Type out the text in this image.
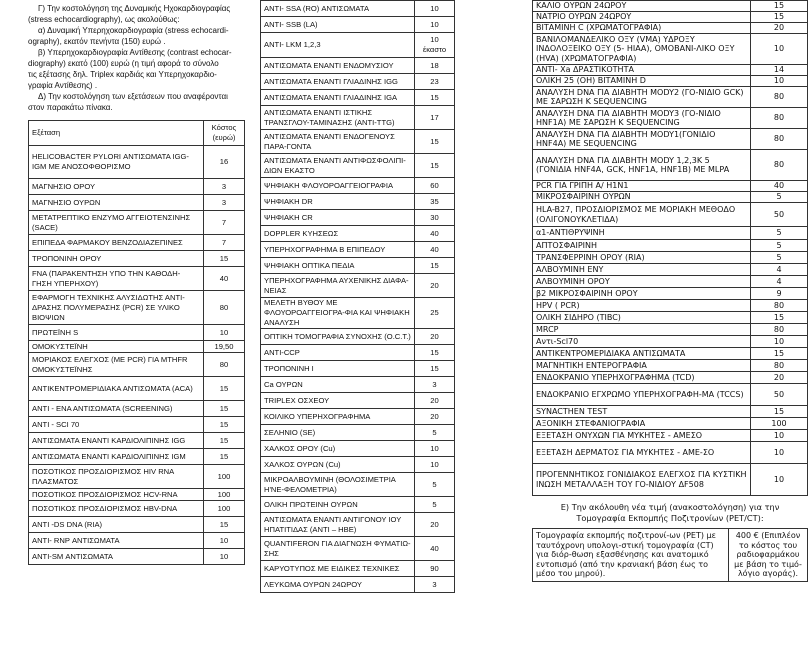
Γ) Την κοστολόγηση της Δυναμικής Ηχοκαρδιογραφίας

(stress echocardiography), ως ακολούθως:

α) Δυναμική Υπερηχοκαρδιογραφία (stress echocardi-

ography), εκατόν πενήντα (150) ευρώ .

β) Υπερηχοκαρδιογραφία Αντίθεσης (contrast echocar-

diography) εκατό (100) ευρώ (η τιμή αφορά το σύνολο

τις εξέτασης δηλ. Triplex καρδιάς και Υπερηχοκαρδιο-

γραφία Αντίθεσης) .

Δ) Την κοστολόγηση των εξετάσεων που αναφέρονται

στον παρακάτω πίνακα.

Εξέταση	Κόστος (ευρώ)
HELICOBACTER PYLORI ΑΝΤΙΣΩΜΑΤΑ IGG-IGM ΜΕ ΑΝΟΣΟΦΘΟΡΙΣΜΟ	16
ΜΑΓΝΗΣΙΟ ΟΡΟΥ	3
ΜΑΓΝΗΣΙΟ ΟΥΡΩΝ	3
ΜΕΤΑΤΡΕΠΤΙΚΟ ΕΝΖΥΜΟ ΑΓΓΕΙΟΤΕΝΣΙΝΗΣ (SACE)	7
ΕΠΙΠΕΔΑ ΦΑΡΜΑΚΟΥ ΒΕΝΖΟΔΙΑΖΕΠΙΝΕΣ	7
ΤΡΟΠΟΝΙΝΗ ΟΡΟΥ	15
FNA (ΠΑΡΑΚΕΝΤΗΣΗ ΥΠΟ ΤΗΝ ΚΑΘΟΔΗ-ΓΗΣΗ ΥΠΕΡΗΧΟΥ)	40
ΕΦΑΡΜΟΓΗ ΤΕΧΝΙΚΗΣ ΑΛΥΣΙΔΩΤΗΣ ΑΝΤΙ-ΔΡΑΣΗΣ ΠΟΛΥΜΕΡΑΣΗΣ (PCR) ΣΕ ΥΛΙΚΟ ΒΙΟΨΙΩΝ	80
ΠΡΩΤΕΪΝΗ S	10
ΟΜΟΚΥΣΤΕΪΝΗ	19,50
ΜΟΡΙΑΚΟΣ ΕΛΕΓΧΟΣ (ΜΕ PCR) ΓΙΑ MTHFR ΟΜΟΚΥΣΤΕΪΝΗΣ	80
ΑΝΤΙΚΕΝΤΡΟΜΕΡΙΔΙΑΚΑ ΑΝΤΙΣΩΜΑΤΑ (ACA)	15
ANTI - ΕΝΑ ΑΝΤΙΣΩΜΑΤΑ (SCREENING)	15
ANTI - SCI 70	15
ΑΝΤΙΣΩΜΑΤΑ ΕΝΑΝΤΙ ΚΑΡΔΙΟΛΙΠΙΝΗΣ IGG	15
ΑΝΤΙΣΩΜΑΤΑ ΕΝΑΝΤΙ ΚΑΡΔΙΟΛΙΠΙΝΗΣ IGM	15
ΠΟΣΟΤΙΚΟΣ ΠΡΟΣΔΙΟΡΙΣΜΟΣ HIV RNA ΠΛΑΣΜΑΤΟΣ	100
ΠΟΣΟΤΙΚΟΣ ΠΡΟΣΔΙΟΡΙΣΜΟΣ HCV-RNA	100
ΠΟΣΟΤΙΚΟΣ ΠΡΟΣΔΙΟΡΙΣΜΟΣ HBV-DNA	100
ANTI -DS DNA (RIA)	15
ANTI- RNP ΑΝΤΙΣΩΜΑΤΑ	10
ANTI-SM ΑΝΤΙΣΩΜΑΤΑ	10
ANTI- SSA (RO) ΑΝΤΙΣΩΜΑΤΑ	10
ANTI- SSB (LA)	10
ANTI- LKM 1,2,3	10 έκαστο
ΑΝΤΙΣΩΜΑΤΑ ΕΝΑΝΤΙ ΕΝΔΟΜΥΣΙΟΥ	18
ΑΝΤΙΣΩΜΑΤΑ ΕΝΑΝΤΙ ΓΛΙΑΔΙΝΗΣ IGG	23
ΑΝΤΙΣΩΜΑΤΑ ΕΝΑΝΤΙ ΓΛΙΑΔΙΝΗΣ IGA	15
ΑΝΤΙΣΩΜΑΤΑ ΕΝΑΝΤΙ ΙΣΤΙΚΗΣ ΤΡΑΝΣΓΛΟΥ-ΤΑΜΙΝΑΣΗΣ (ANTI-TTG)	17
ΑΝΤΙΣΩΜΑΤΑ ΕΝΑΝΤΙ ΕΝΔΟΓΕΝΟΥΣ ΠΑΡΑ-ΓΟΝΤΑ	15
ΑΝΤΙΣΩΜΑΤΑ ΕΝΑΝΤΙ ΑΝΤΙΦΩΣΦΟΛΙΠΙ-ΔΙΩΝ ΕΚΑΣΤΟ	15
ΨΗΦΙΑΚΗ ΦΛΟΥΟΡΟΑΓΓΕΙΟΓΡΑΦΙΑ	60
ΨΗΦΙΑΚΗ DR	35
ΨΗΦΙΑΚΗ CR	30
DOPPLER ΚΥΗΣΕΩΣ	40
ΥΠΕΡΗΧΟΓΡΑΦΗΜΑ Β ΕΠΙΠΕΔΟΥ	40
ΨΗΦΙΑΚΗ ΟΠΤΙΚΑ ΠΕΔΙΑ	15
ΥΠΕΡΗΧΟΓΡΑΦΗΜΑ ΑΥΧΕΝΙΚΗΣ ΔΙΑΦΑ-ΝΕΙΑΣ	20
ΜΕΛΕΤΗ ΒΥΘΟΥ ΜΕ ΦΛΟΥΟΡΟΑΓΓΕΙΟΓΡΑ-ΦΙΑ ΚΑΙ ΨΗΦΙΑΚΗ ΑΝΑΛΥΣΗ	25
ΟΠΤΙΚΗ ΤΟΜΟΓΡΑΦΙΑ ΣΥΝΟΧΗΣ (O.C.T.)	20
ANTI-CCP	15
ΤΡΟΠΟΝΙΝΗ Ι	15
Ca ΟΥΡΩΝ	3
TRIPLEX ΟΣΧΕΟΥ	20
ΚΟΙΛΙΚΟ ΥΠΕΡΗΧΟΓΡΑΦΗΜΑ	20
ΣΕΛΗΝΙΟ (SE)	5
ΧΑΛΚΟΣ ΟΡΟΥ (Cu)	10
ΧΑΛΚΟΣ ΟΥΡΩΝ (Cu)	10
ΜΙΚΡΟΑΛΒΟΥΜΙΝΗ (ΘΟΛΟΣΙΜΕΤΡΙΑ Η'ΝΕ-ΦΕΛΟΜΕΤΡΙΑ)	5
ΟΛΙΚΗ ΠΡΩΤΕΙΝΗ ΟΥΡΩΝ	5
ΑΝΤΙΣΩΜΑΤΑ ΕΝΑΝΤΙ ΑΝΤΙΓΟΝΟΥ ΙΟΥ ΗΠΑΤΙΤΙΔΑΣ (ΑΝΤΙ – ΗΒΕ)	20
QUANTIFERON ΓΙΑ ΔΙΑΓΝΩΣΗ ΦΥΜΑΤΙΩ-ΣΗΣ	40
ΚΑΡΥΟΤΥΠΟΣ ΜΕ ΕΙΔΙΚΕΣ ΤΕΧΝΙΚΕΣ	90
ΛΕΥΚΩΜΑ ΟΥΡΩΝ 24ΩΡΟΥ	3
ΚΑΛΙΟ ΟΥΡΩΝ 24ΩΡΟΥ	15
ΝΑΤΡΙΟ ΟΥΡΩΝ 24ΩΡΟΥ	15
ΒΙΤΑΜΙΝΗ C (ΧΡΩΜΑΤΟΓΡΑΦΙΑ)	20
ΒΑΝΙΛΟΜΑΝΔΕΛΙΚΟ ΟΞΥ (VMA) ΥΔΡΟΞΥ ΙΝΔΟΛΟΞΕΙΚΟ ΟΞΥ (5- HIAA), ΟΜΟΒΑΝΙ-ΛΙΚΟ ΟΞΥ (HVA) (ΧΡΩΜΑΤΟΓΡΑΦΙΑ)	10
ΑΝΤΙ- Xa ΔΡΑΣΤΙΚΟΤΗΤΑ	14
ΟΛΙΚΗ 25 (ΟΗ) ΒΙΤΑΜΙΝΗ D	10
ΑΝΑΛΥΣΗ DNA ΓΙΑ ΔΙΑΒΗΤΗ MODY2 (ΓΟ-ΝΙΔΙΟ GCK) ΜΕ ΣΑΡΩΣΗ Κ SEQUENCING	80
ΑΝΑΛΥΣΗ DNA ΓΙΑ ΔΙΑΒΗΤΗ MODY3 (ΓΟ-ΝΙΔΙΟ HNF1A) ΜΕ ΣΑΡΩΣΗ Κ SEQUENCING	80
ΑΝΑΛΥΣΗ DNA ΓΙΑ ΔΙΑΒΗΤΗ MODY1(ΓΟΝΙΔΙΟ HNF4A) ΜΕ SEQUENCING	80
ΑΝΑΛΥΣΗ DNA ΓΙΑ ΔΙΑΒΗΤΗ MODY 1,2,3Κ 5 (ΓΟΝΙΔΙΑ HNF4A, GCK, HNF1A, HNF1B) ΜΕ MLPA	80
PCR ΓΙΑ ΓΡΙΠΗ Α/ H1N1	40
ΜΙΚΡΟΣΦΑΙΡΙΝΗ ΟΥΡΩΝ	5
HLA-B27, ΠΡΟΣΔΙΟΡΙΣΜΟΣ ΜΕ ΜΟΡΙΑΚΗ ΜΕΘΟΔΟ (ΟΛΙΓΟΝΟΥΚΛΕΤΙΔΑ)	50
α1-ΑΝΤΙΘΡΥΨΙΝΗ	5
ΑΠΤΟΣΦΑΙΡΙΝΗ	5
ΤΡΑΝΣΦΕΡΡΙΝΗ ΟΡΟΥ (RIA)	5
ΑΛΒΟΥΜΙΝΗ ΕΝΥ	4
ΑΛΒΟΥΜΙΝΗ ΟΡΟΥ	4
β2 ΜΙΚΡΟΣΦΑΙΡΙΝΗ ΟΡΟΥ	9
HPV ( PCR)	80
ΟΛΙΚΗ ΣΙΔΗΡΟ (TIBC)	15
MRCP	80
Αντι-Scl70	10
ΑΝΤΙΚΕΝΤΡΟΜΕΡΙΔΙΑΚΑ ΑΝΤΙΣΩΜΑΤΑ	15
ΜΑΓΝΗΤΙΚΗ ΕΝΤΕΡΟΓΡΑΦΙΑ	80
ΕΝΔΟΚΡΑΝΙΟ ΥΠΕΡΗΧΟΓΡΑΦΗΜΑ (TCD)	20
ΕΝΔΟΚΡΑΝΙΟ ΕΓΧΡΩΜΟ ΥΠΕΡΗΧΟΓΡΑΦΗ-ΜΑ (TCCS)	50
SYNACTHEN TEST	15
ΑΞΟΝΙΚΗ ΣΤΕΦΑΝΙΟΓΡΑΦΙΑ	100
ΕΞΕΤΑΣΗ ΟΝΥΧΩΝ ΓΙΑ ΜΥΚΗΤΕΣ - ΑΜΕΣΟ	10
ΕΞΕΤΑΣΗ ΔΕΡΜΑΤΟΣ ΓΙΑ ΜΥΚΗΤΕΣ - ΑΜΕ-ΣΟ	10
ΠΡΟΓΕΝΝΗΤΙΚΟΣ ΓΟΝΙΔΙΑΚΟΣ ΕΛΕΓΧΟΣ ΓΙΑ ΚΥΣΤΙΚΗ ΙΝΩΣΗ ΜΕΤΑΛΛΑΞΗ ΤΟΥ ΓΟ-ΝΙΔΙΟΥ ΔF508	10
Ε) Την ακόλουθη νέα τιμή (ανακοστολόγηση) για την
Τομογραφία Εκπομπής Ποζιτρονίων (PET/CT):
Τομογραφία εκπομπής ποζιτρονί-ων (PET) με ταυτόχρονη υπολογι-στική τομογραφία (CT) για διόρ-θωση εξασθένησης και ανατομικό εντοπισμό (από την κρανιακή βάση έως το μέσο του μηρού).	400 € (Επιπλέον το κόστος του ραδιοφαρμάκου με βάση το τιμό-λόγιο αγοράς).
